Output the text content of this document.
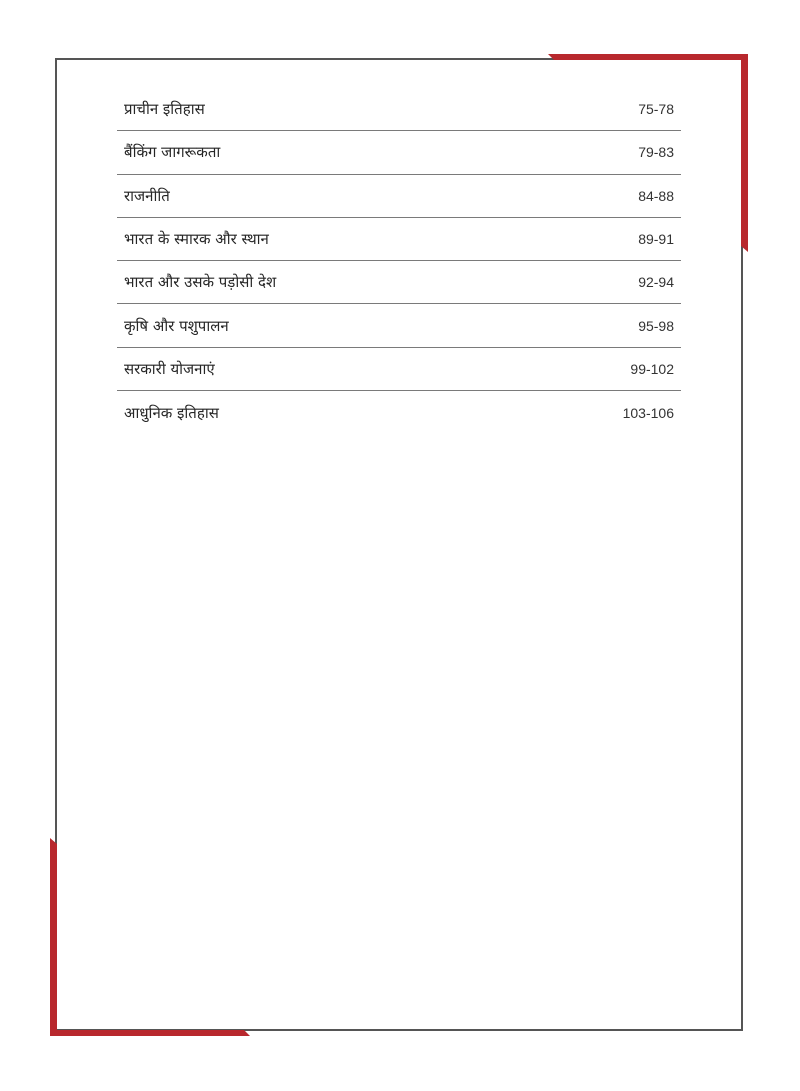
प्राचीन इतिहास	75-78
बैंकिंग जागरूकता	79-83
राजनीति	84-88
भारत के स्मारक और स्थान	89-91
भारत और उसके पड़ोसी देश	92-94
कृषि और पशुपालन	95-98
सरकारी योजनाएं	99-102
आधुनिक इतिहास	103-106
